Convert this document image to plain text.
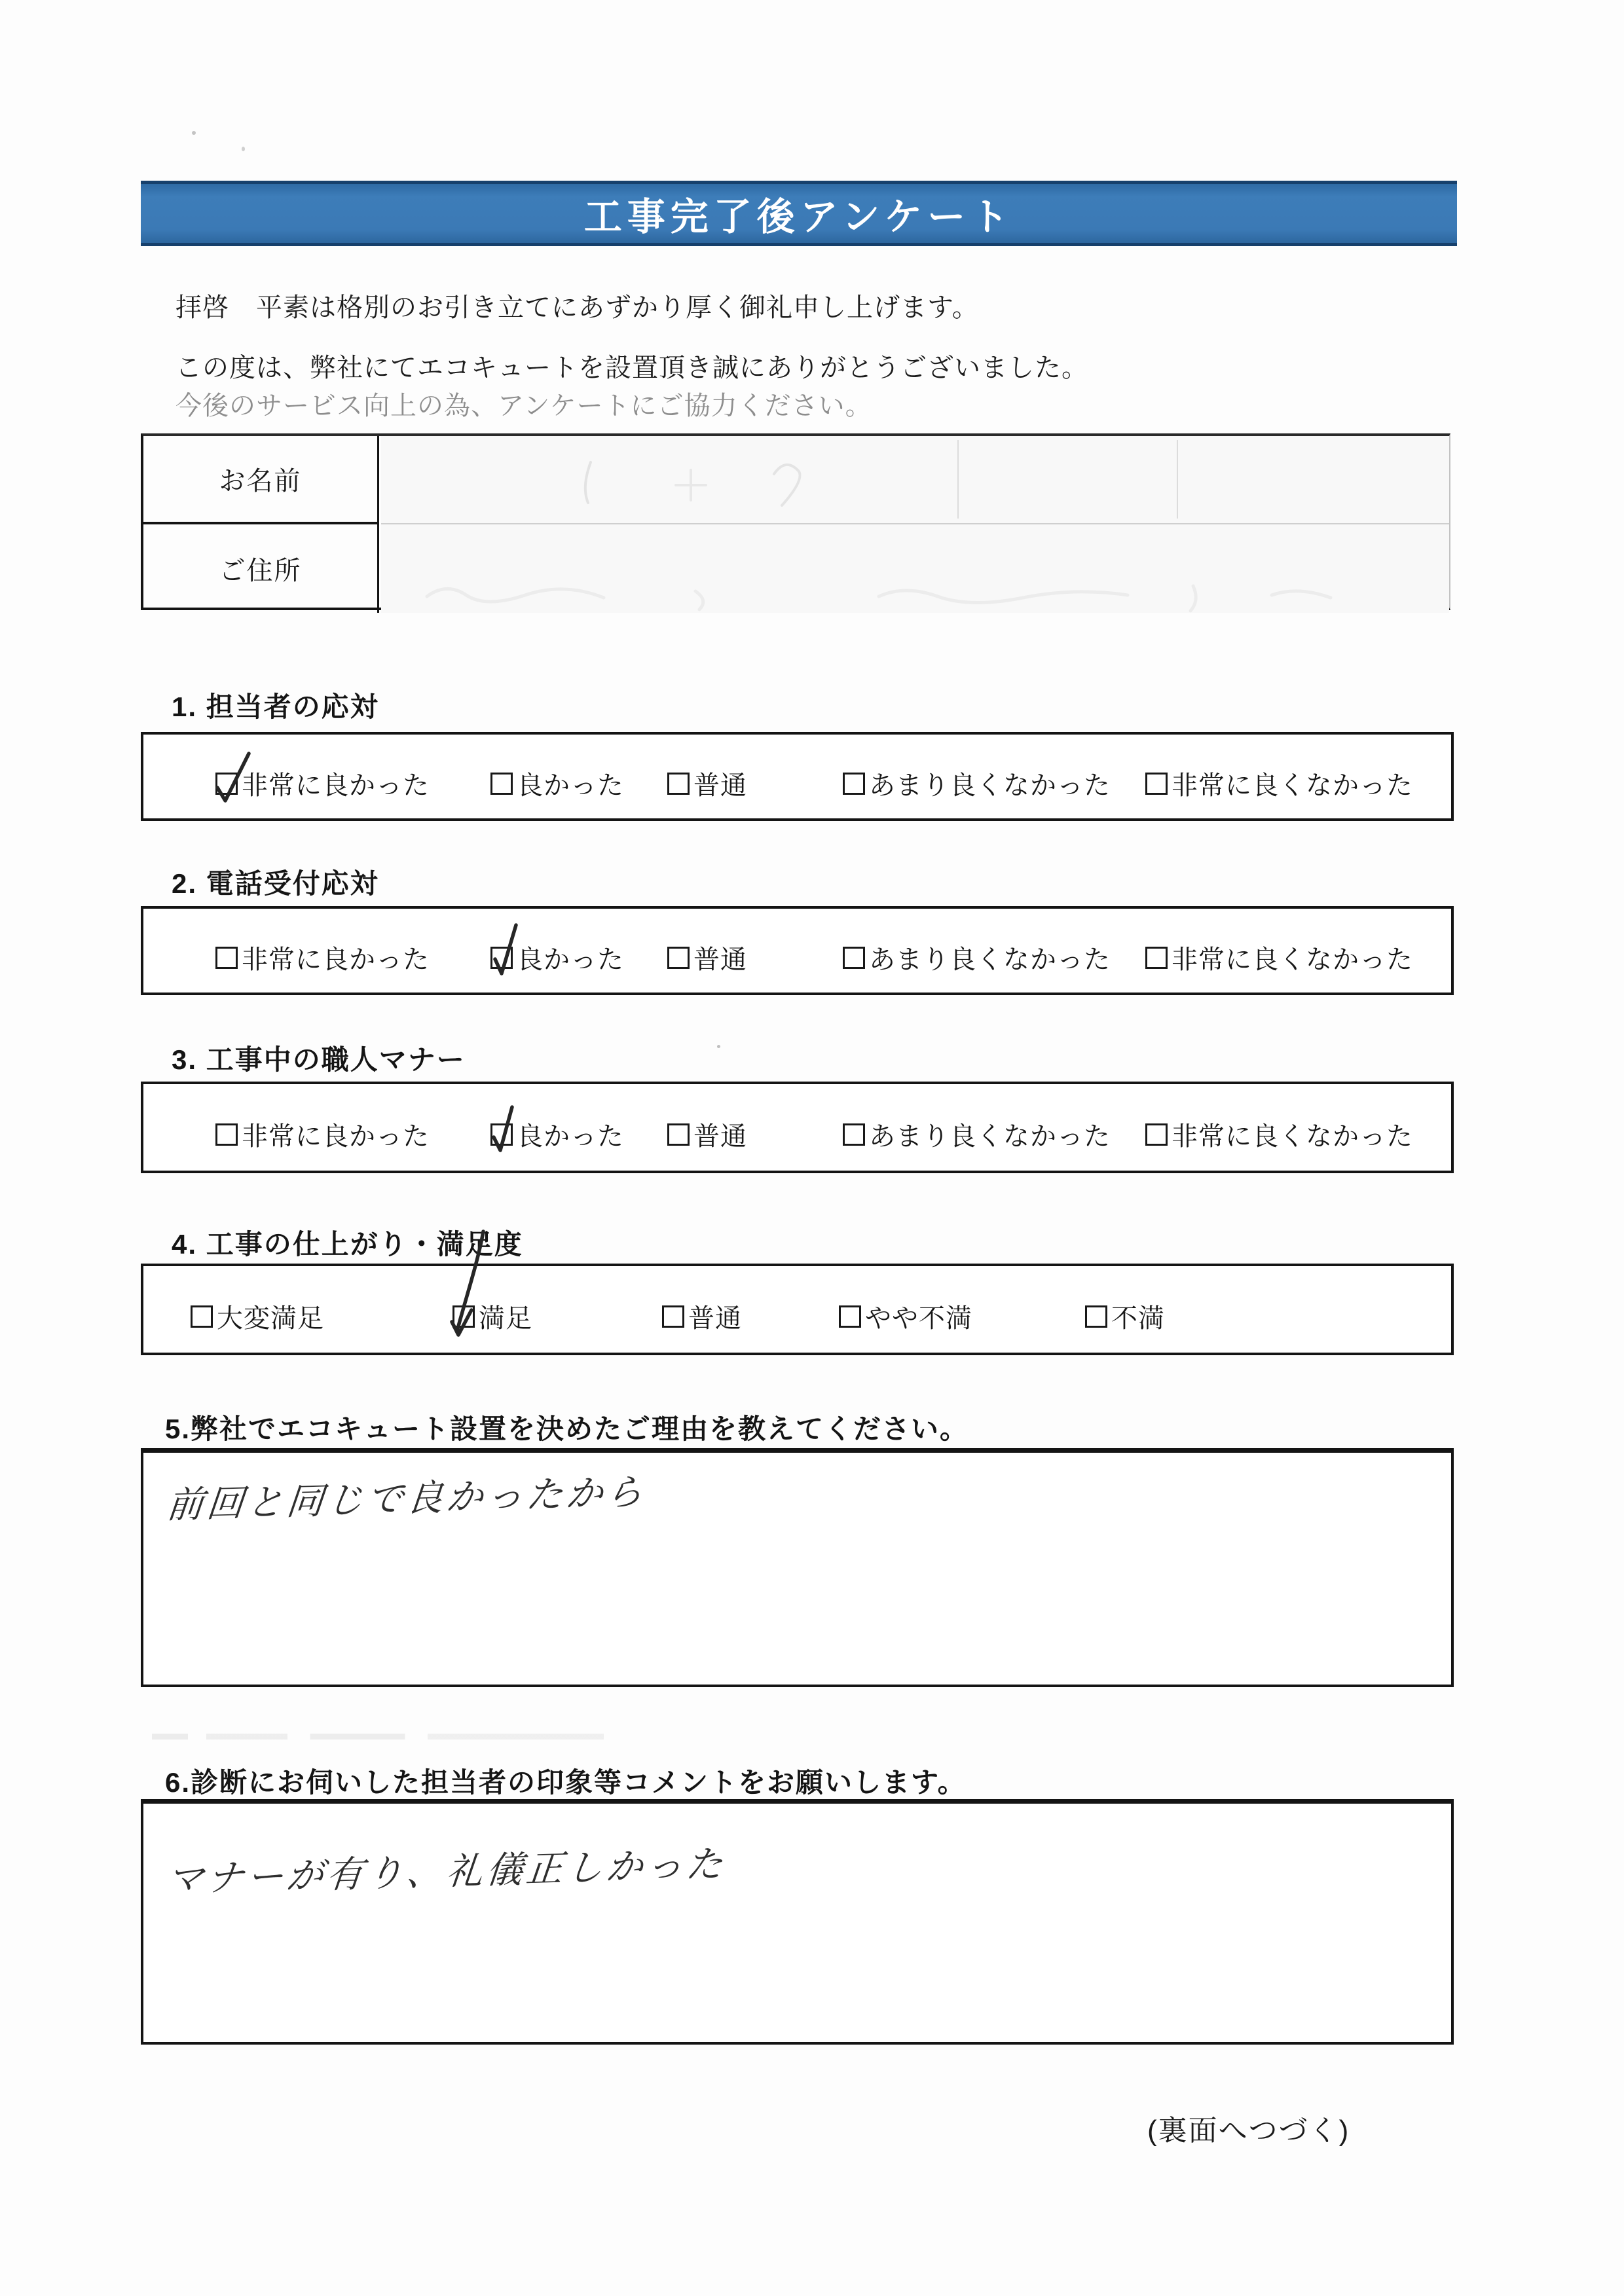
工事完了後アンケート
拝啓　平素は格別のお引き立てにあずかり厚く御礼申し上げます。
この度は、弊社にてエコキュートを設置頂き誠にありがとうございました。
今後のサービス向上の為、アンケートにご協力ください。
お名前
ご住所
1. 担当者の応対
非常に良かった	良かった	普通	あまり良くなかった 非常に良くなかった
2. 電話受付応対
非常に良かった	良かった	普通	あまり良くなかった 非常に良くなかった
3. 工事中の職人マナー
非常に良かった	良かった	普通	あまり良くなかった 非常に良くなかった
4. 工事の仕上がり・満足度
大変満足	満足	普通	やや不満	不満
5.弊社でエコキュート設置を決めたご理由を教えてください。
前回と同じで良かったから
6.診断にお伺いした担当者の印象等コメントをお願いします。
マナーが有り、礼儀正しかった
(裏面へつづく)
